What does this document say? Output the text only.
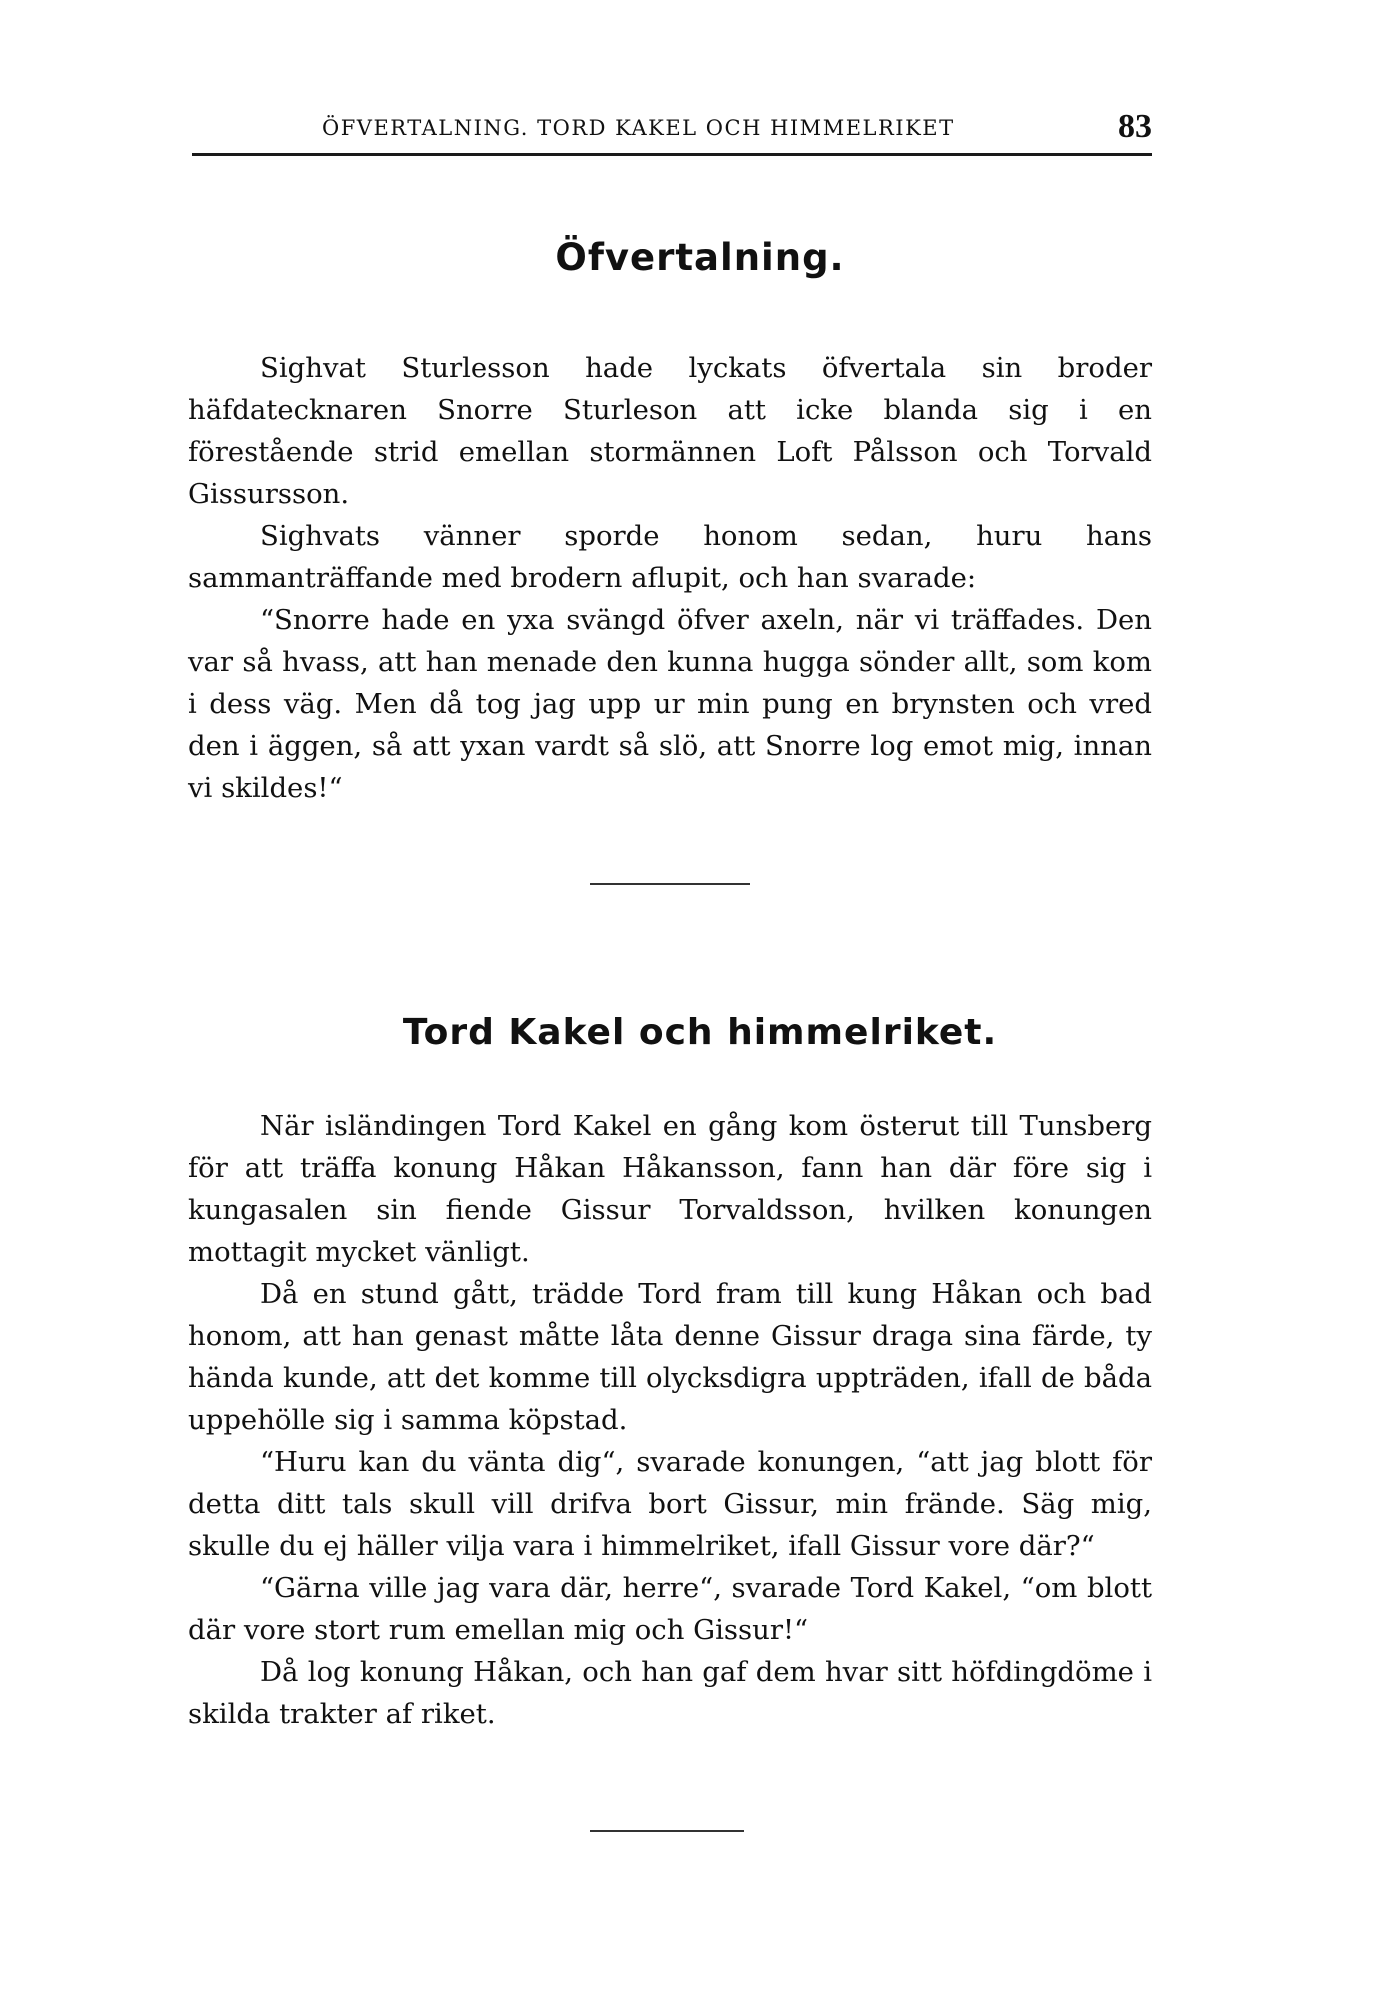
ÖFVERTALNING. TORD KAKEL OCH HIMMELRIKET	83
Öfvertalning.

Sighvat Sturlesson hade lyckats öfvertala sin broder häfdatecknaren Snorre Sturleson att icke blanda sig i en förestående strid emellan stormännen Loft Pålsson och Torvald Gissursson.

Sighvats vänner sporde honom sedan, huru hans sammanträffande med brodern aflupit, och han svarade:

“Snorre hade en yxa svängd öfver axeln, när vi träffades. Den var så hvass, att han menade den kunna hugga sönder allt, som kom i dess väg. Men då tog jag upp ur min pung en brynsten och vred den i äggen, så att yxan vardt så slö, att Snorre log emot mig, innan vi skildes!“

Tord Kakel och himmelriket.

När isländingen Tord Kakel en gång kom österut till Tunsberg för att träffa konung Håkan Håkansson, fann han där före sig i kungasalen sin fiende Gissur Torvaldsson, hvilken konungen mottagit mycket vänligt.

Då en stund gått, trädde Tord fram till kung Håkan och bad honom, att han genast måtte låta denne Gissur draga sina färde, ty hända kunde, att det komme till olycksdigra uppträden, ifall de båda uppehölle sig i samma köpstad.

“Huru kan du vänta dig“, svarade konungen, “att jag blott för detta ditt tals skull vill drifva bort Gissur, min frände. Säg mig, skulle du ej häller vilja vara i himmelriket, ifall Gissur vore där?“

“Gärna ville jag vara där, herre“, svarade Tord Kakel, “om blott där vore stort rum emellan mig och Gissur!“

Då log konung Håkan, och han gaf dem hvar sitt höfdingdöme i skilda trakter af riket.
